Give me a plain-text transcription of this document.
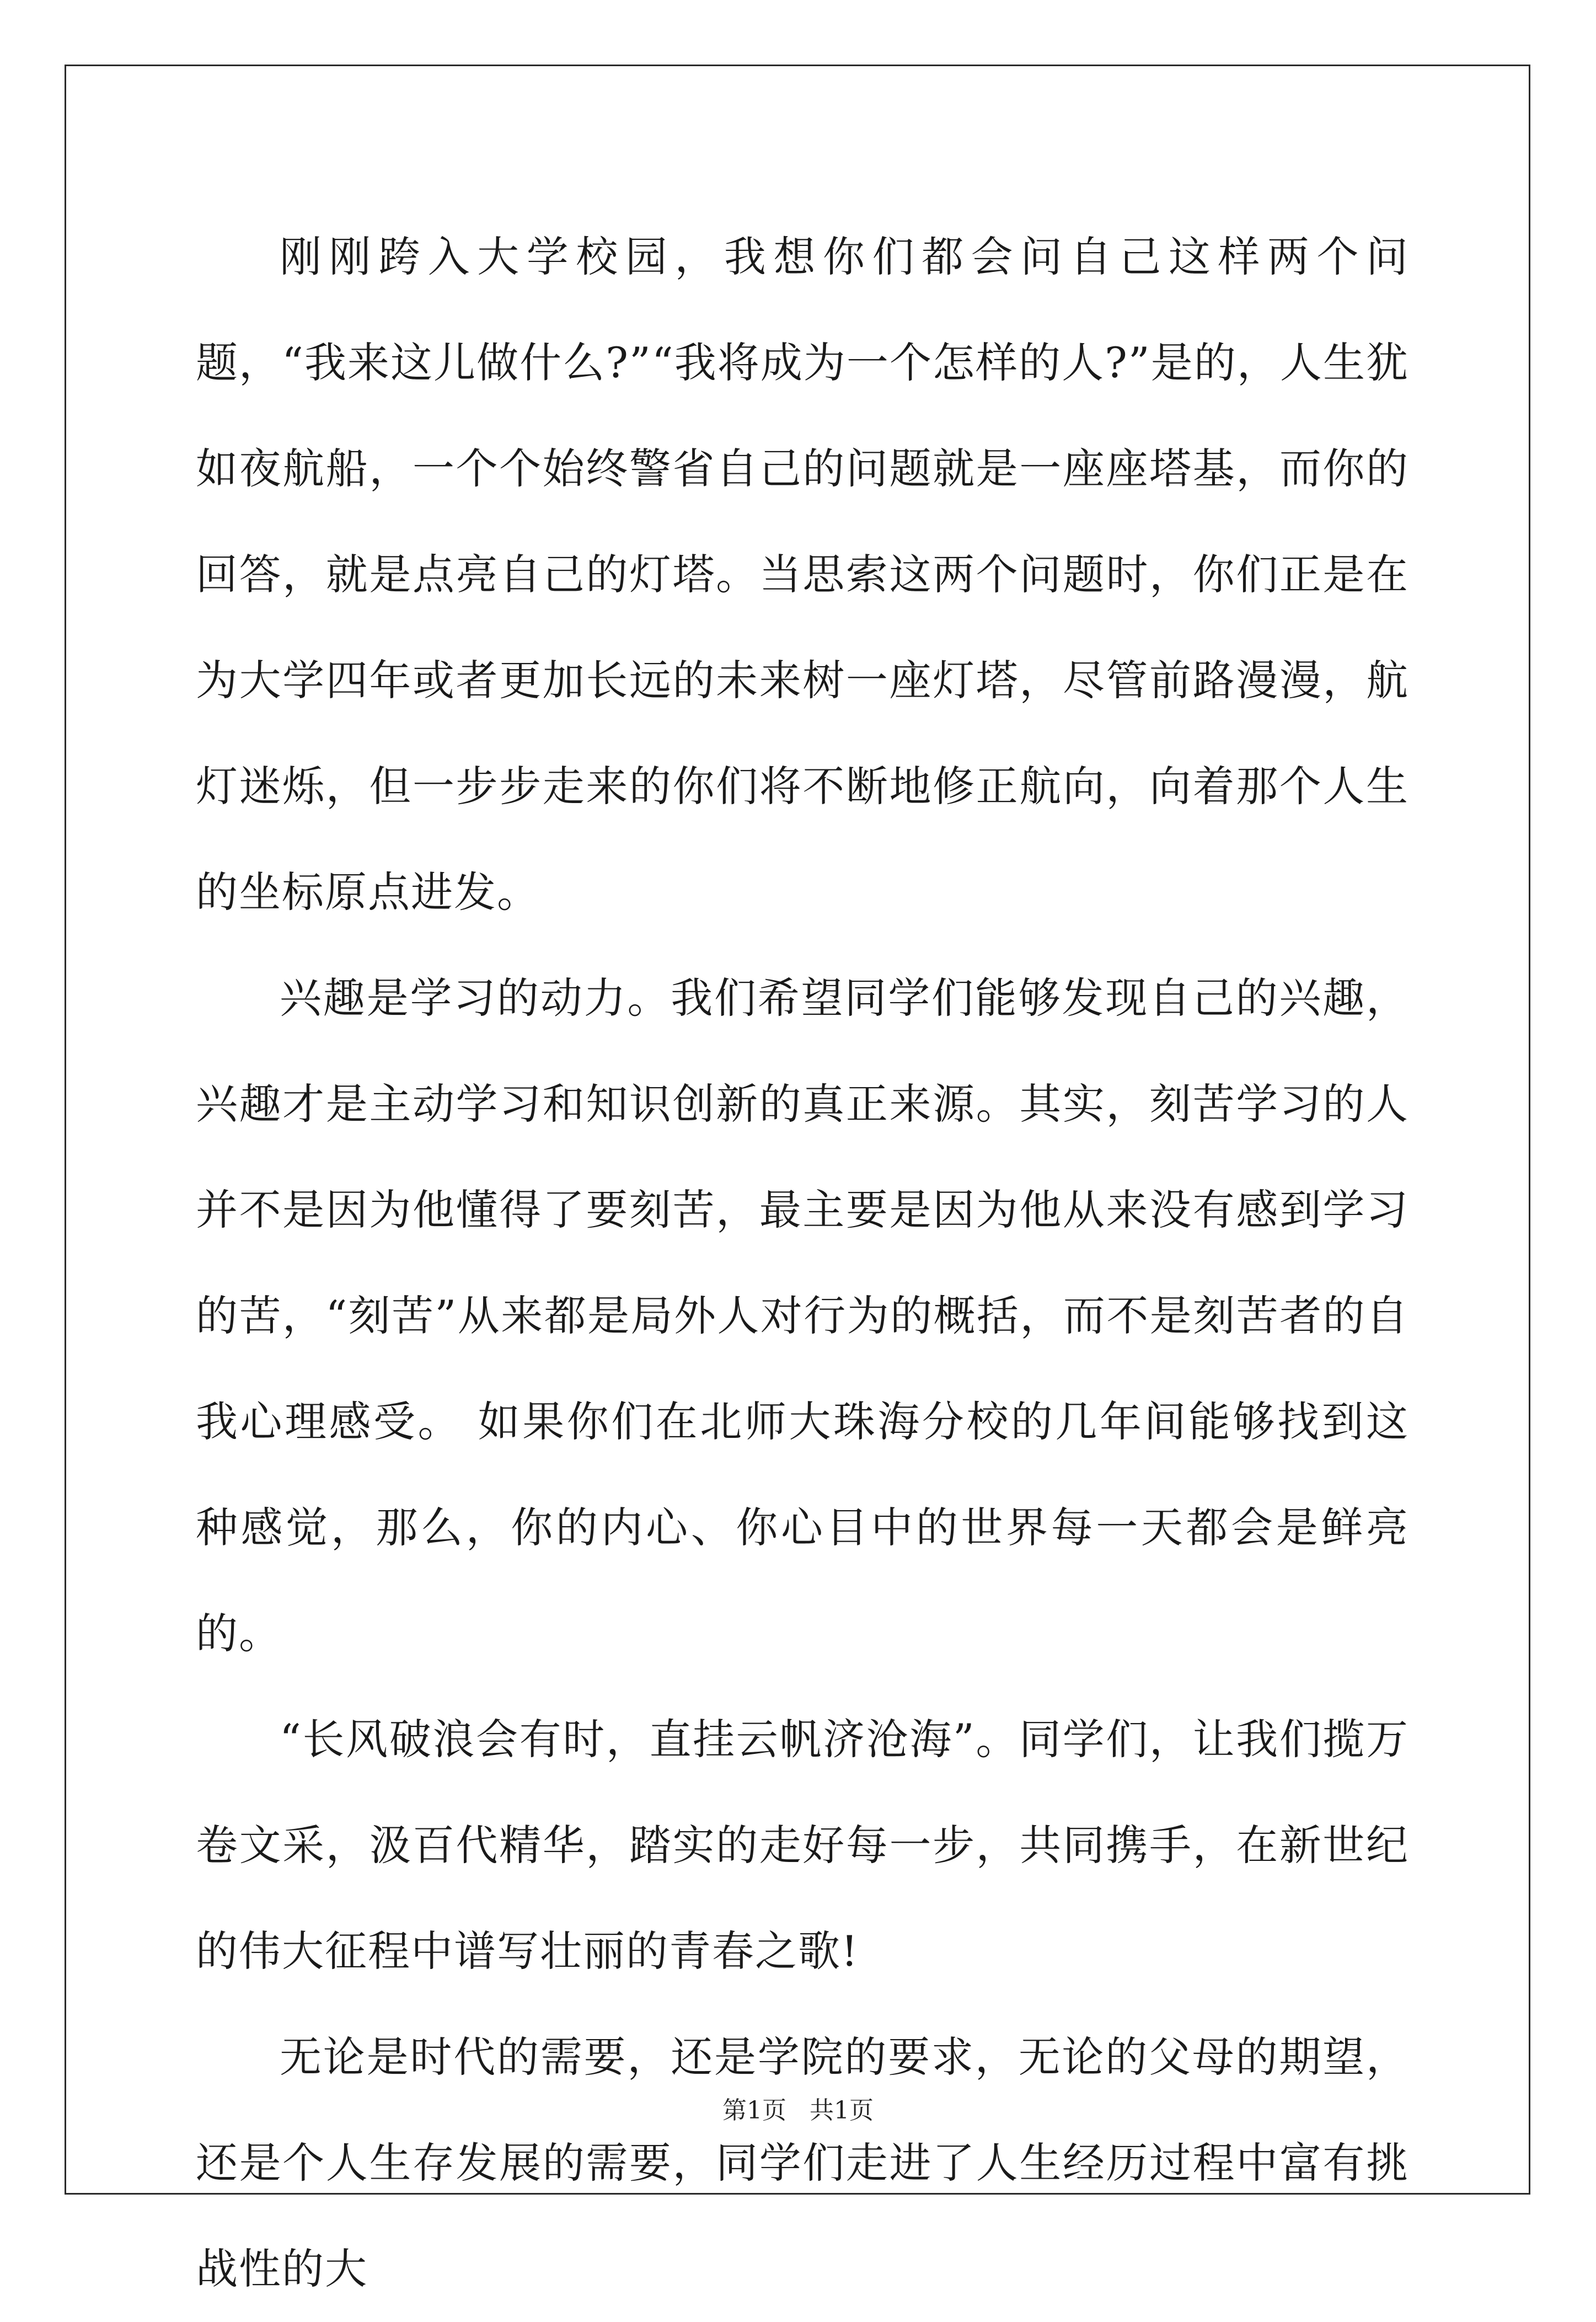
刚刚跨入大学校园，我想你们都会问自己这样两个问题，“我来这儿做什么?”“我将成为一个怎样的人?”是的，人生犹如夜航船，一个个始终警省自己的问题就是一座座塔基，而你的回答，就是点亮自己的灯塔。当思索这两个问题时，你们正是在为大学四年或者更加长远的未来树一座灯塔，尽管前路漫漫，航灯迷烁，但一步步走来的你们将不断地修正航向，向着那个人生的坐标原点进发。

兴趣是学习的动力。我们希望同学们能够发现自己的兴趣，兴趣才是主动学习和知识创新的真正来源。其实，刻苦学习的人并不是因为他懂得了要刻苦，最主要是因为他从来没有感到学习的苦，“刻苦”从来都是局外人对行为的概括，而不是刻苦者的自我心理感受。 如果你们在北师大珠海分校的几年间能够找到这种感觉，那么，你的内心、你心目中的世界每一天都会是鲜亮的。

“长风破浪会有时，直挂云帆济沧海”。同学们，让我们揽万卷文采，汲百代精华，踏实的走好每一步，共同携手，在新世纪的伟大征程中谱写壮丽的青春之歌!

无论是时代的需要，还是学院的要求，无论的父母的期望，还是个人生存发展的需要，同学们走进了人生经历过程中富有挑战性的大

第1页   共1页
